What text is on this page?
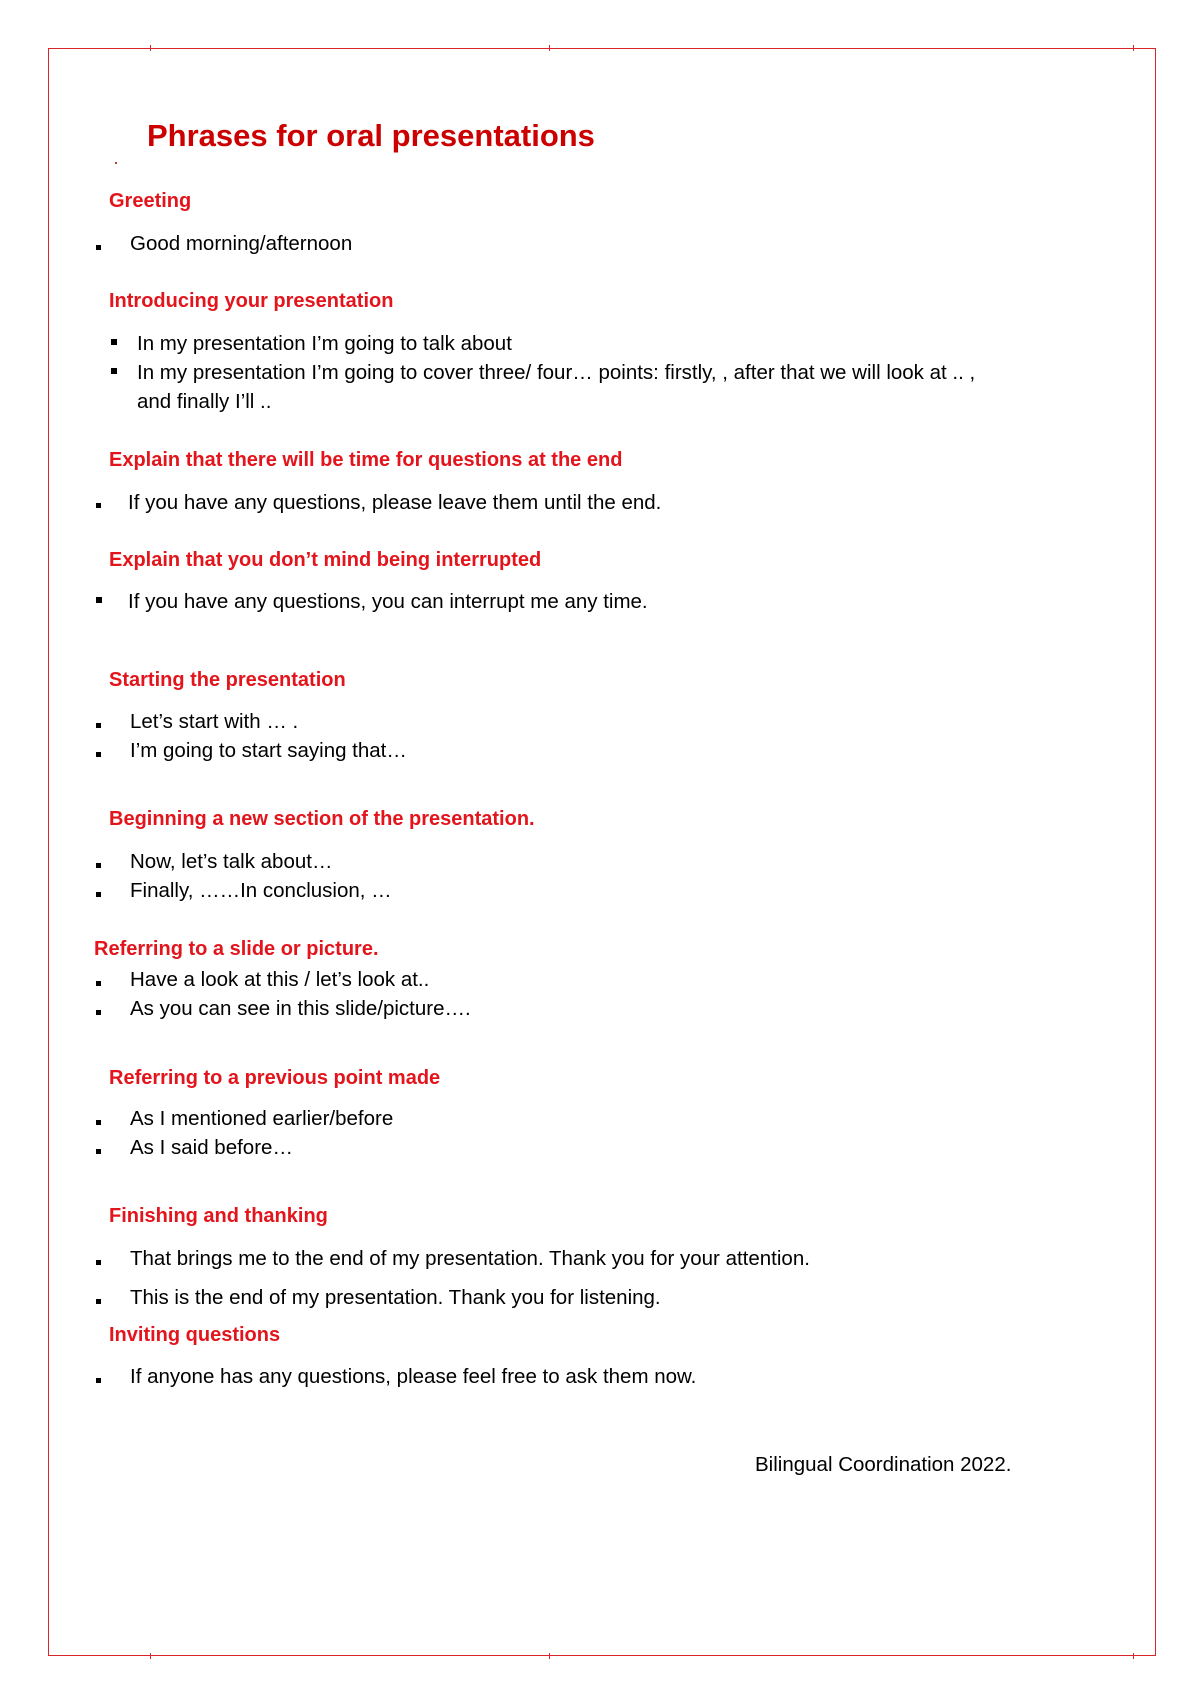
Phrases for oral presentations
Greeting
Good morning/afternoon
Introducing your presentation
In my presentation I’m going to talk about
In my presentation I’m going to cover three/ four… points: firstly, , after that we will look at .. ,
and finally I’ll ..
Explain that there will be time for questions at the end
If you have any questions, please leave them until the end.
Explain that you don’t mind being interrupted
If you have any questions, you can interrupt me any time.
Starting the presentation
Let’s start with … .
I’m going to start saying that…
Beginning a new section of the presentation.
Now, let’s talk about…
Finally, ……In conclusion, …
Referring to a slide or picture.
Have a look at this / let’s look at..
As you can see in this slide/picture….
Referring to a previous point made
As I mentioned earlier/before
As I said before…
Finishing and thanking
That brings me to the end of my presentation. Thank you for your attention.
This is the end of my presentation. Thank you for listening.
Inviting questions
If anyone has any questions, please feel free to ask them now.
Bilingual Coordination 2022.
